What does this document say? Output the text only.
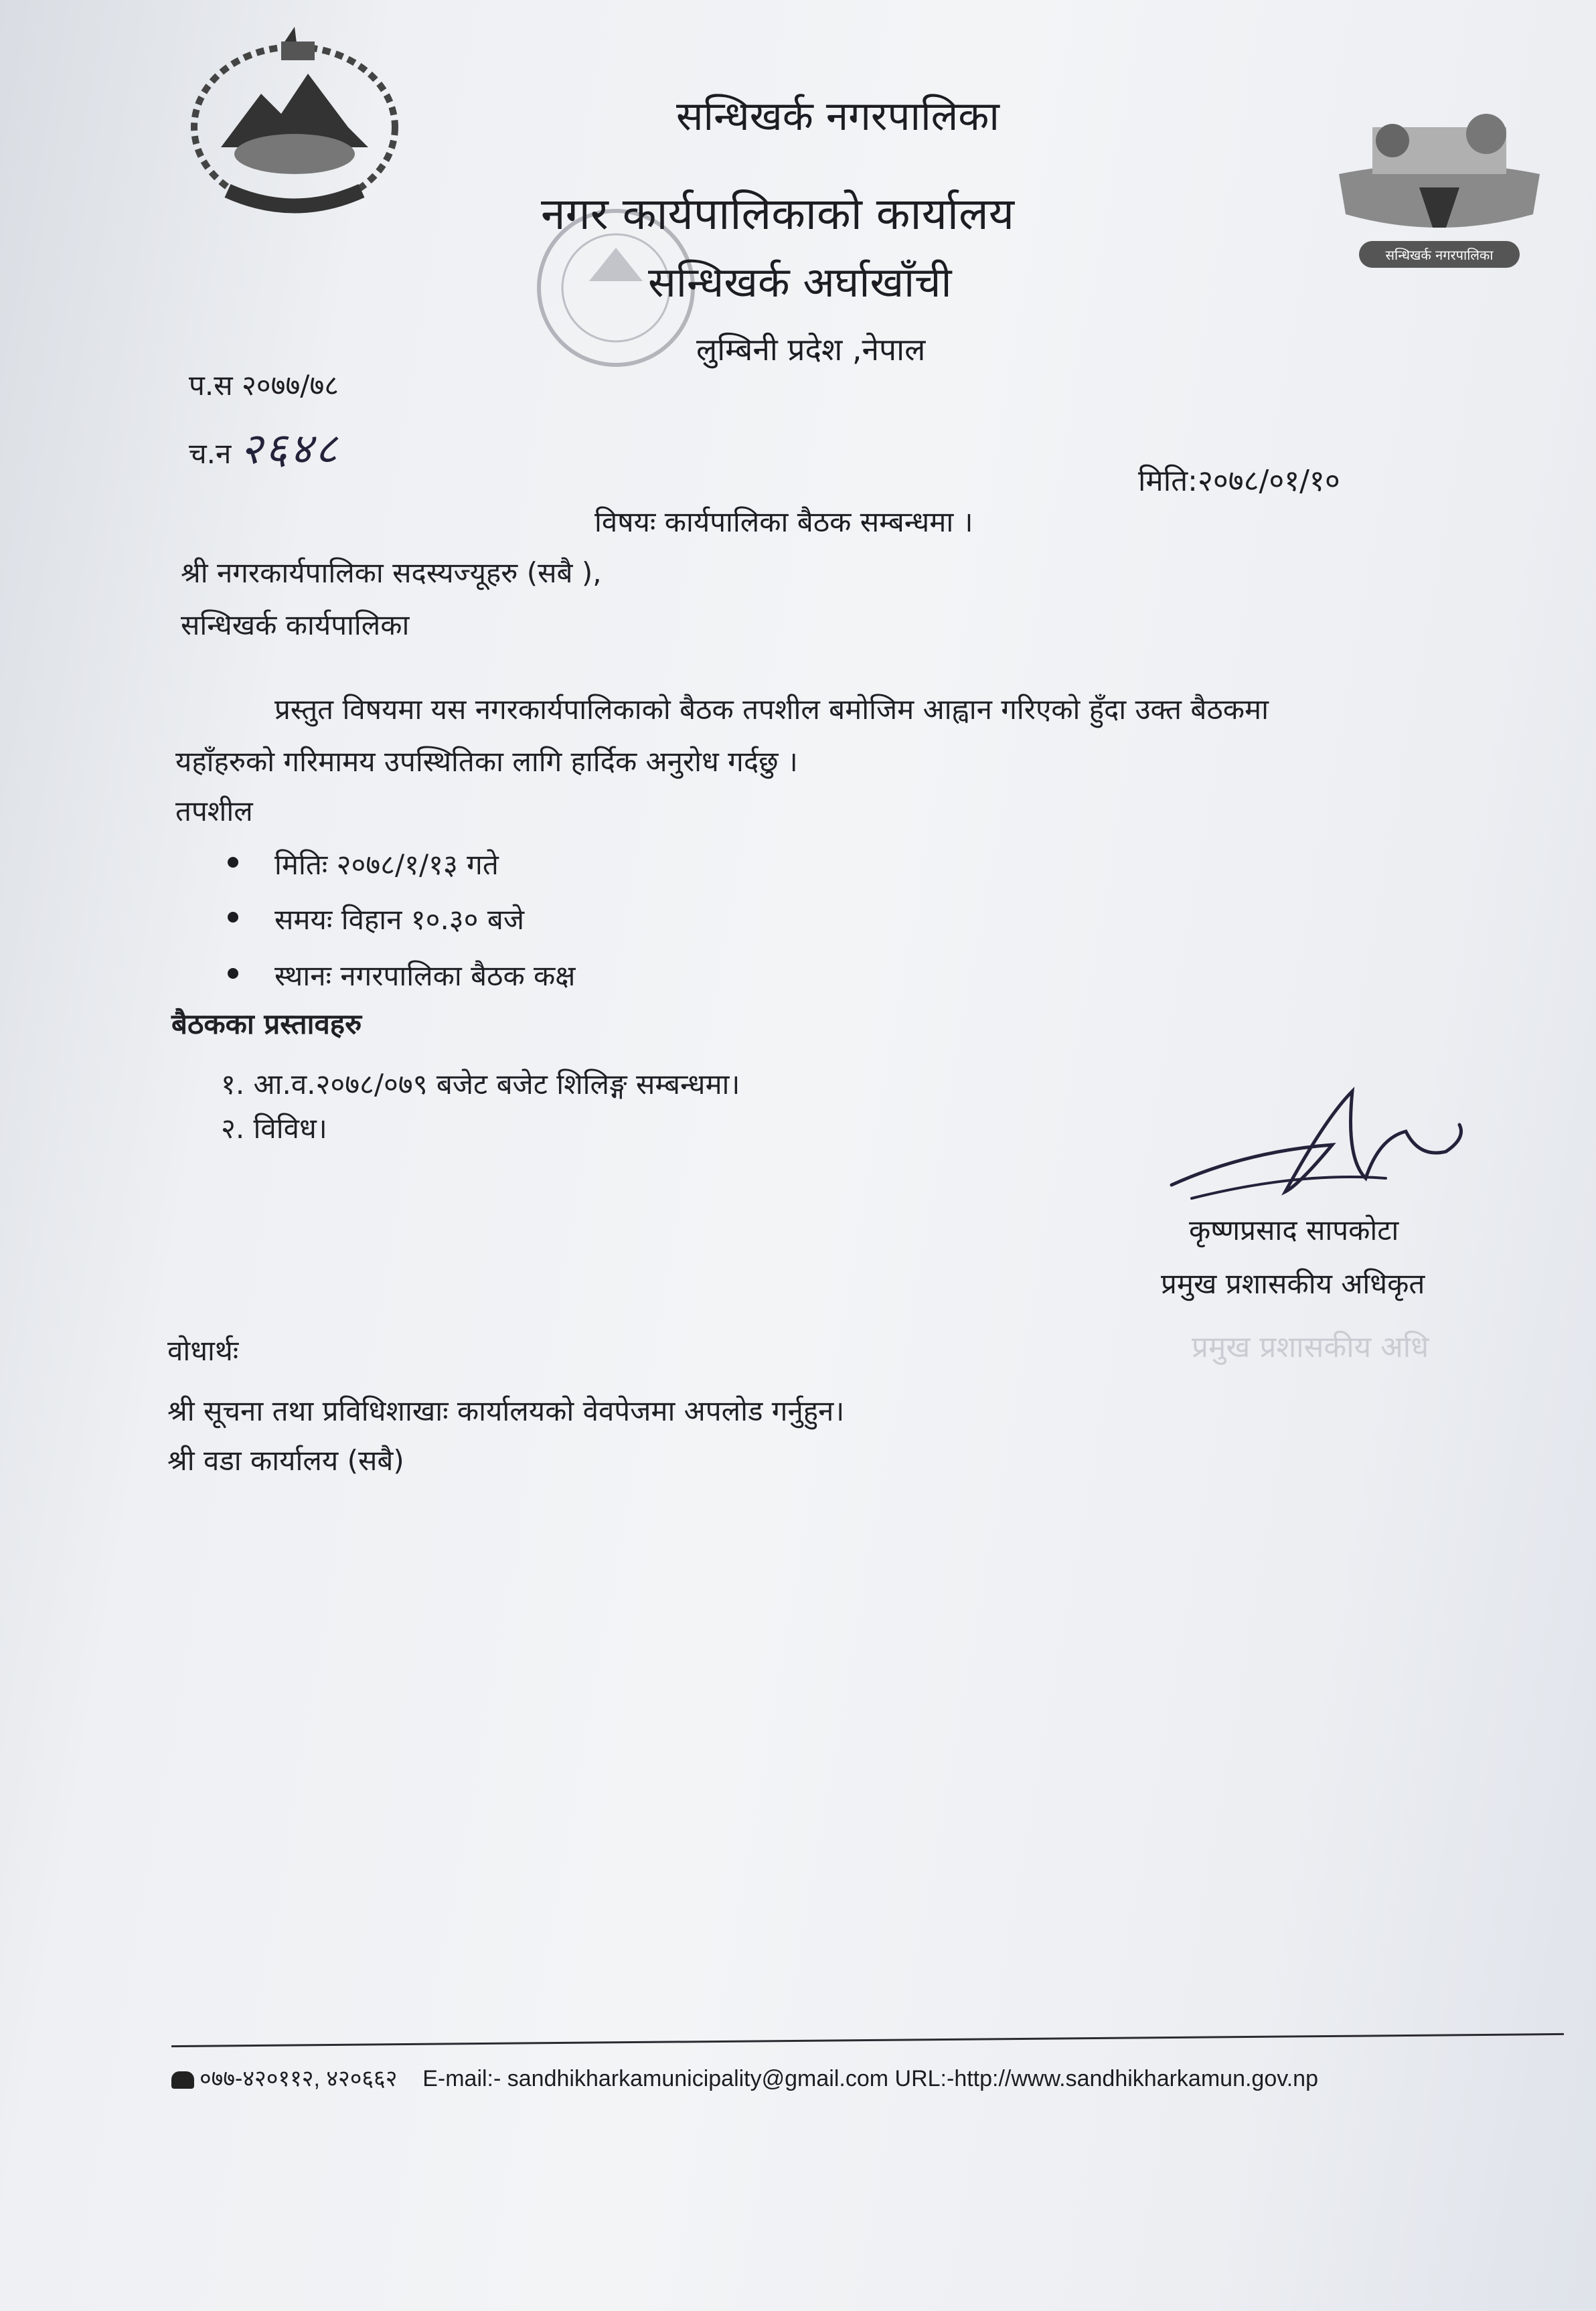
सन्धिखर्क नगरपालिका
सन्धिखर्क नगरपालिका
नगर कार्यपालिकाको कार्यालय
सन्धिखर्क अर्घाखाँची
लुम्बिनी प्रदेश ,नेपाल
प.स २०७७/७८
च.न २६४८
मिति:२०७८/०१/१०
विषयः कार्यपालिका बैठक सम्बन्धमा ।
श्री नगरकार्यपालिका सदस्यज्यूहरु (सबै ),
सन्धिखर्क कार्यपालिका
प्रस्तुत विषयमा यस नगरकार्यपालिकाको बैठक तपशील बमोजिम आह्वान गरिएको हुँदा उक्त बैठकमा
यहाँहरुको गरिमामय उपस्थितिका लागि हार्दिक अनुरोध गर्दछु ।
तपशील
मितिः २०७८/१/१३ गते
समयः विहान १०.३० बजे
स्थानः नगरपालिका बैठक कक्ष
बैठकका प्रस्तावहरु
१. आ.व.२०७८/०७९ बजेट बजेट शिलिङ्ग सम्बन्धमा।
२. विविध।
कृष्णप्रसाद सापकोटा
प्रमुख प्रशासकीय अधिकृत
प्रमुख प्रशासकीय अधि
वोधार्थः
श्री सूचना तथा प्रविधिशाखाः कार्यालयको वेवपेजमा अपलोड गर्नुहुन।
श्री वडा कार्यालय (सबै)
०७७-४२०११२, ४२०६६२ E-mail:- sandhikharkamunicipality@gmail.com URL:-http://www.sandhikharkamun.gov.np
